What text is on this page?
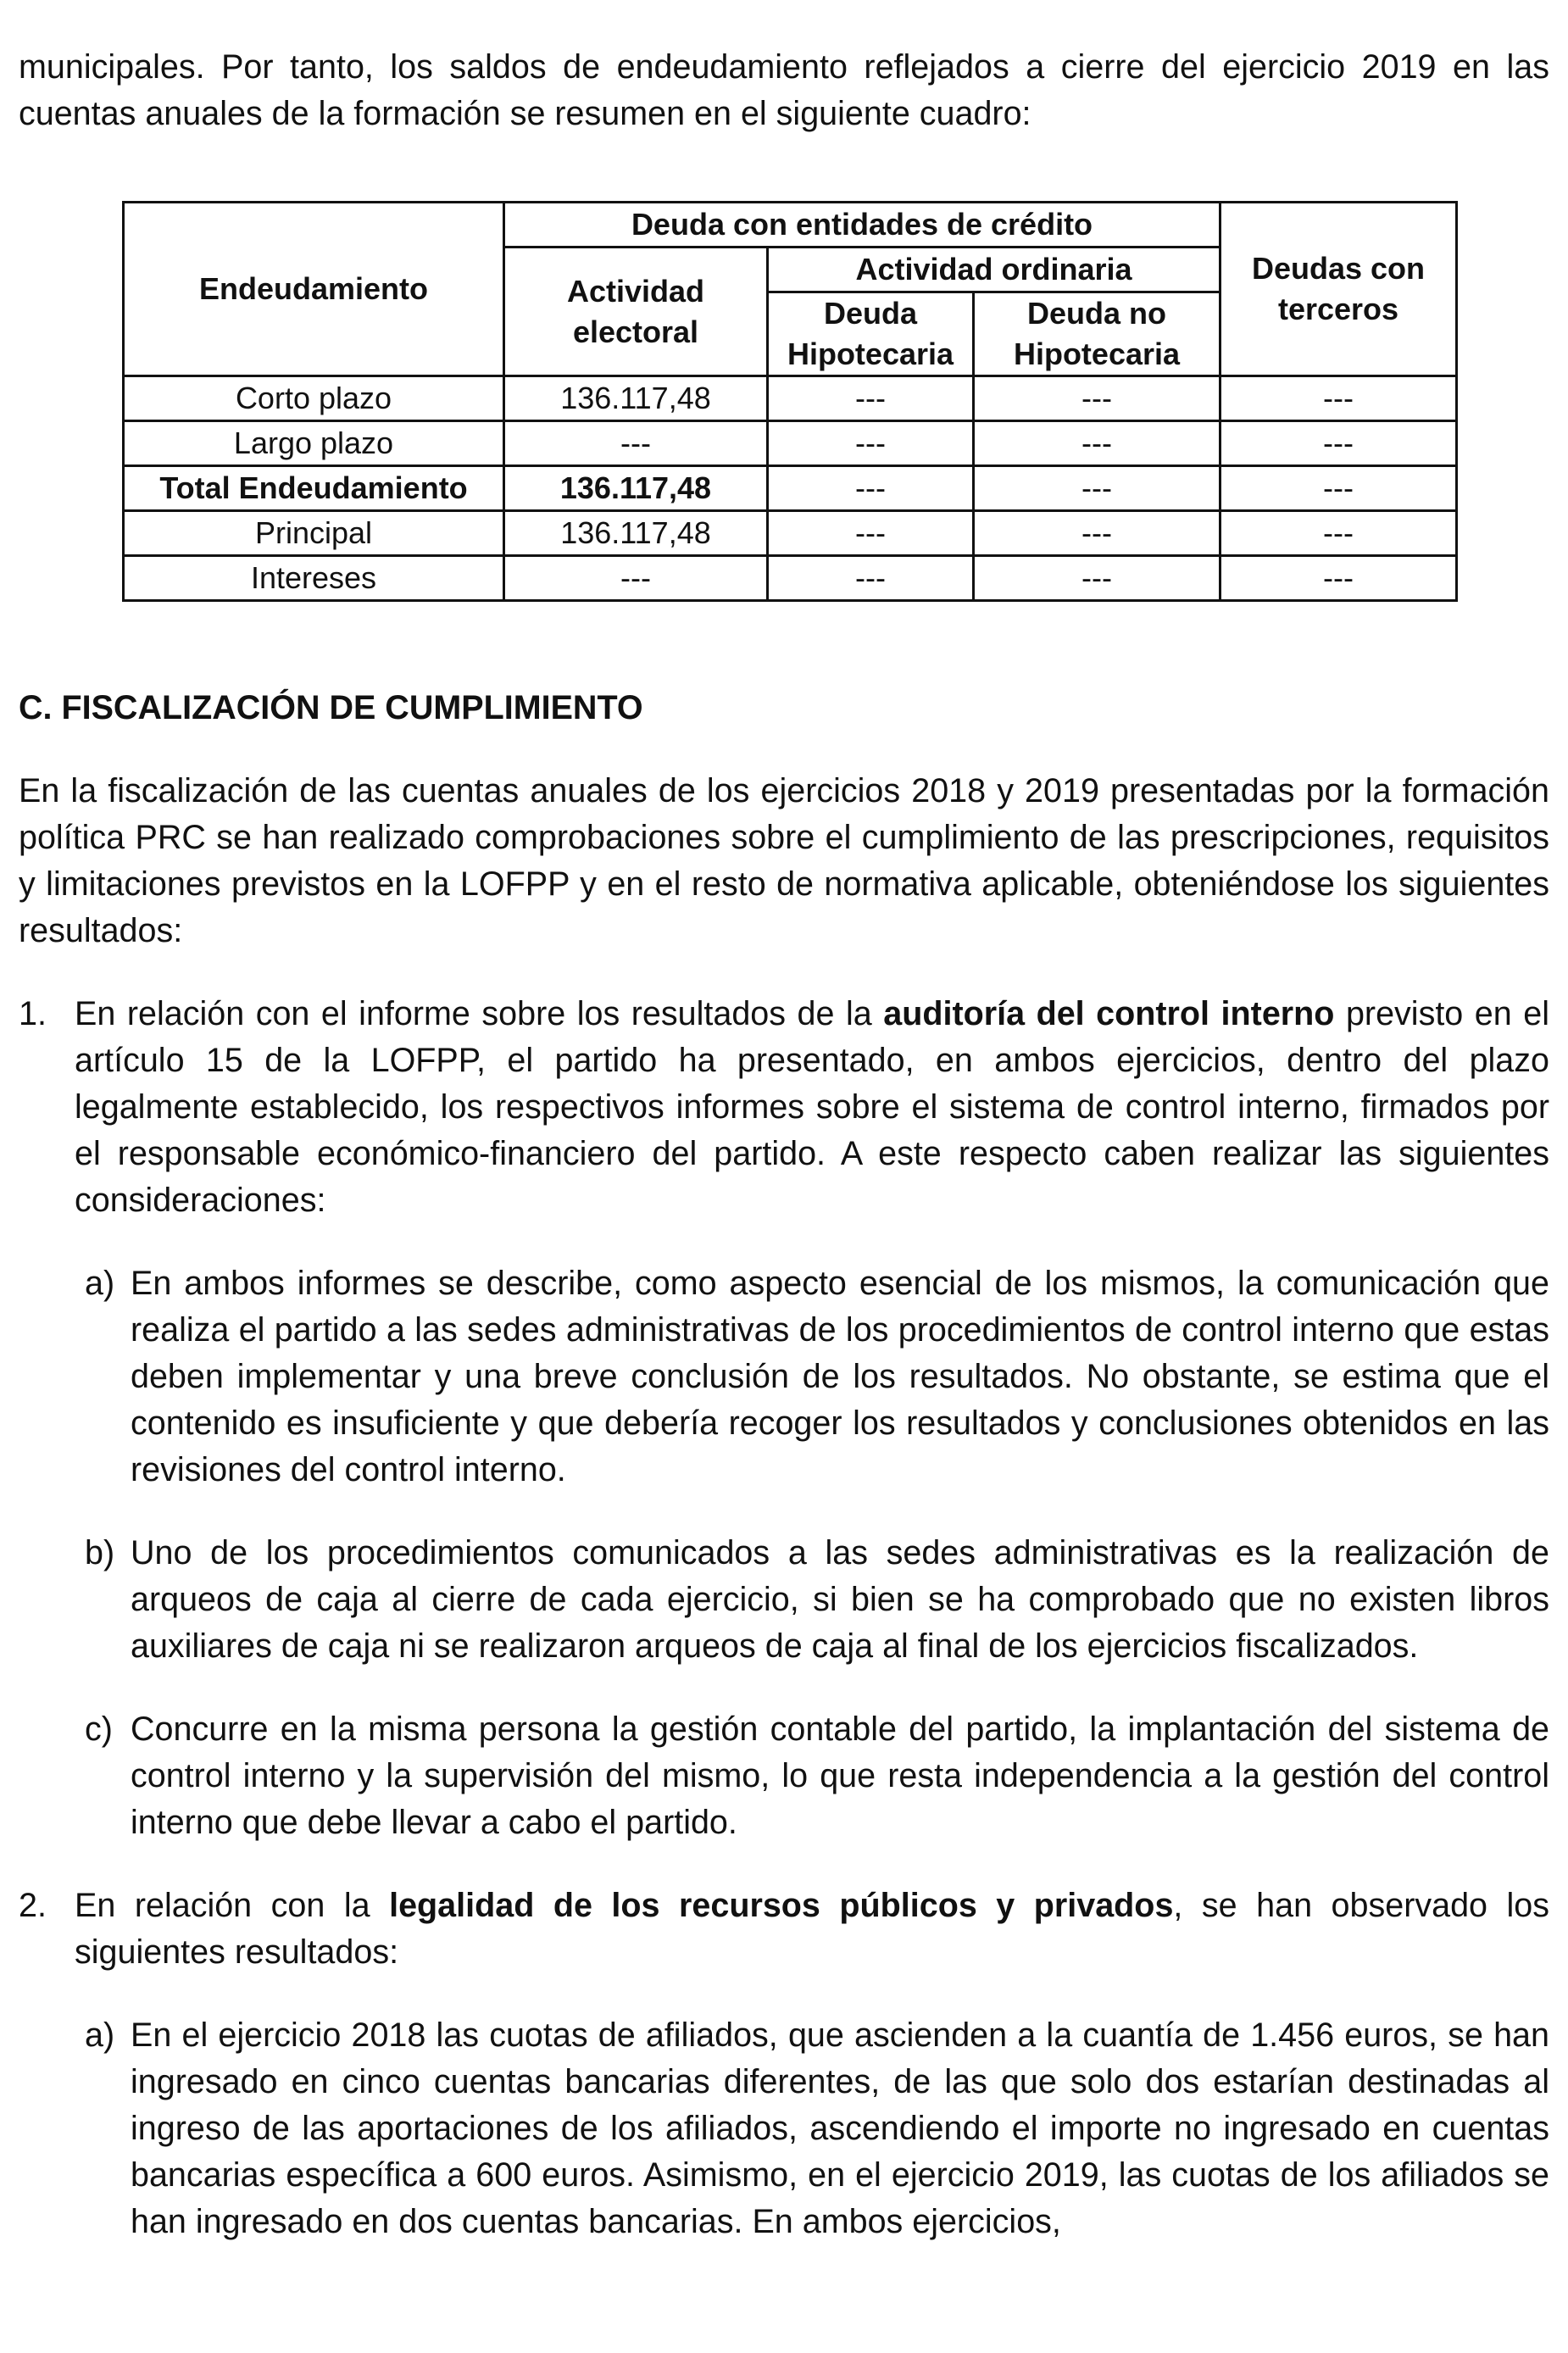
municipales. Por tanto, los saldos de endeudamiento reflejados a cierre del ejercicio 2019 en las cuentas anuales de la formación se resumen en el siguiente cuadro:

Endeudamiento	Deuda con entidades de crédito			Deudas con terceros
	Actividad electoral	Actividad ordinaria		
		Deuda Hipotecaria	Deuda no Hipotecaria	
Corto plazo	136.117,48	---	---	---
Largo plazo	---	---	---	---
Total Endeudamiento	136.117,48	---	---	---
Principal	136.117,48	---	---	---
Intereses	---	---	---	---
C. FISCALIZACIÓN DE CUMPLIMIENTO

En la fiscalización de las cuentas anuales de los ejercicios 2018 y 2019 presentadas por la formación política PRC se han realizado comprobaciones sobre el cumplimiento de las prescripciones, requisitos y limitaciones previstos en la LOFPP y en el resto de normativa aplicable, obteniéndose los siguientes resultados:

1. En relación con el informe sobre los resultados de la auditoría del control interno previsto en el artículo 15 de la LOFPP, el partido ha presentado, en ambos ejercicios, dentro del plazo legalmente establecido, los respectivos informes sobre el sistema de control interno, firmados por el responsable económico-financiero del partido. A este respecto caben realizar las siguientes consideraciones:

a) En ambos informes se describe, como aspecto esencial de los mismos, la comunicación que realiza el partido a las sedes administrativas de los procedimientos de control interno que estas deben implementar y una breve conclusión de los resultados. No obstante, se estima que el contenido es insuficiente y que debería recoger los resultados y conclusiones obtenidos en las revisiones del control interno.

b) Uno de los procedimientos comunicados a las sedes administrativas es la realización de arqueos de caja al cierre de cada ejercicio, si bien se ha comprobado que no existen libros auxiliares de caja ni se realizaron arqueos de caja al final de los ejercicios fiscalizados.

c) Concurre en la misma persona la gestión contable del partido, la implantación del sistema de control interno y la supervisión del mismo, lo que resta independencia a la gestión del control interno que debe llevar a cabo el partido.

2. En relación con la legalidad de los recursos públicos y privados, se han observado los siguientes resultados:

a) En el ejercicio 2018 las cuotas de afiliados, que ascienden a la cuantía de 1.456 euros, se han ingresado en cinco cuentas bancarias diferentes, de las que solo dos estarían destinadas al ingreso de las aportaciones de los afiliados, ascendiendo el importe no ingresado en cuentas bancarias específica a 600 euros. Asimismo, en el ejercicio 2019, las cuotas de los afiliados se han ingresado en dos cuentas bancarias. En ambos ejercicios,
